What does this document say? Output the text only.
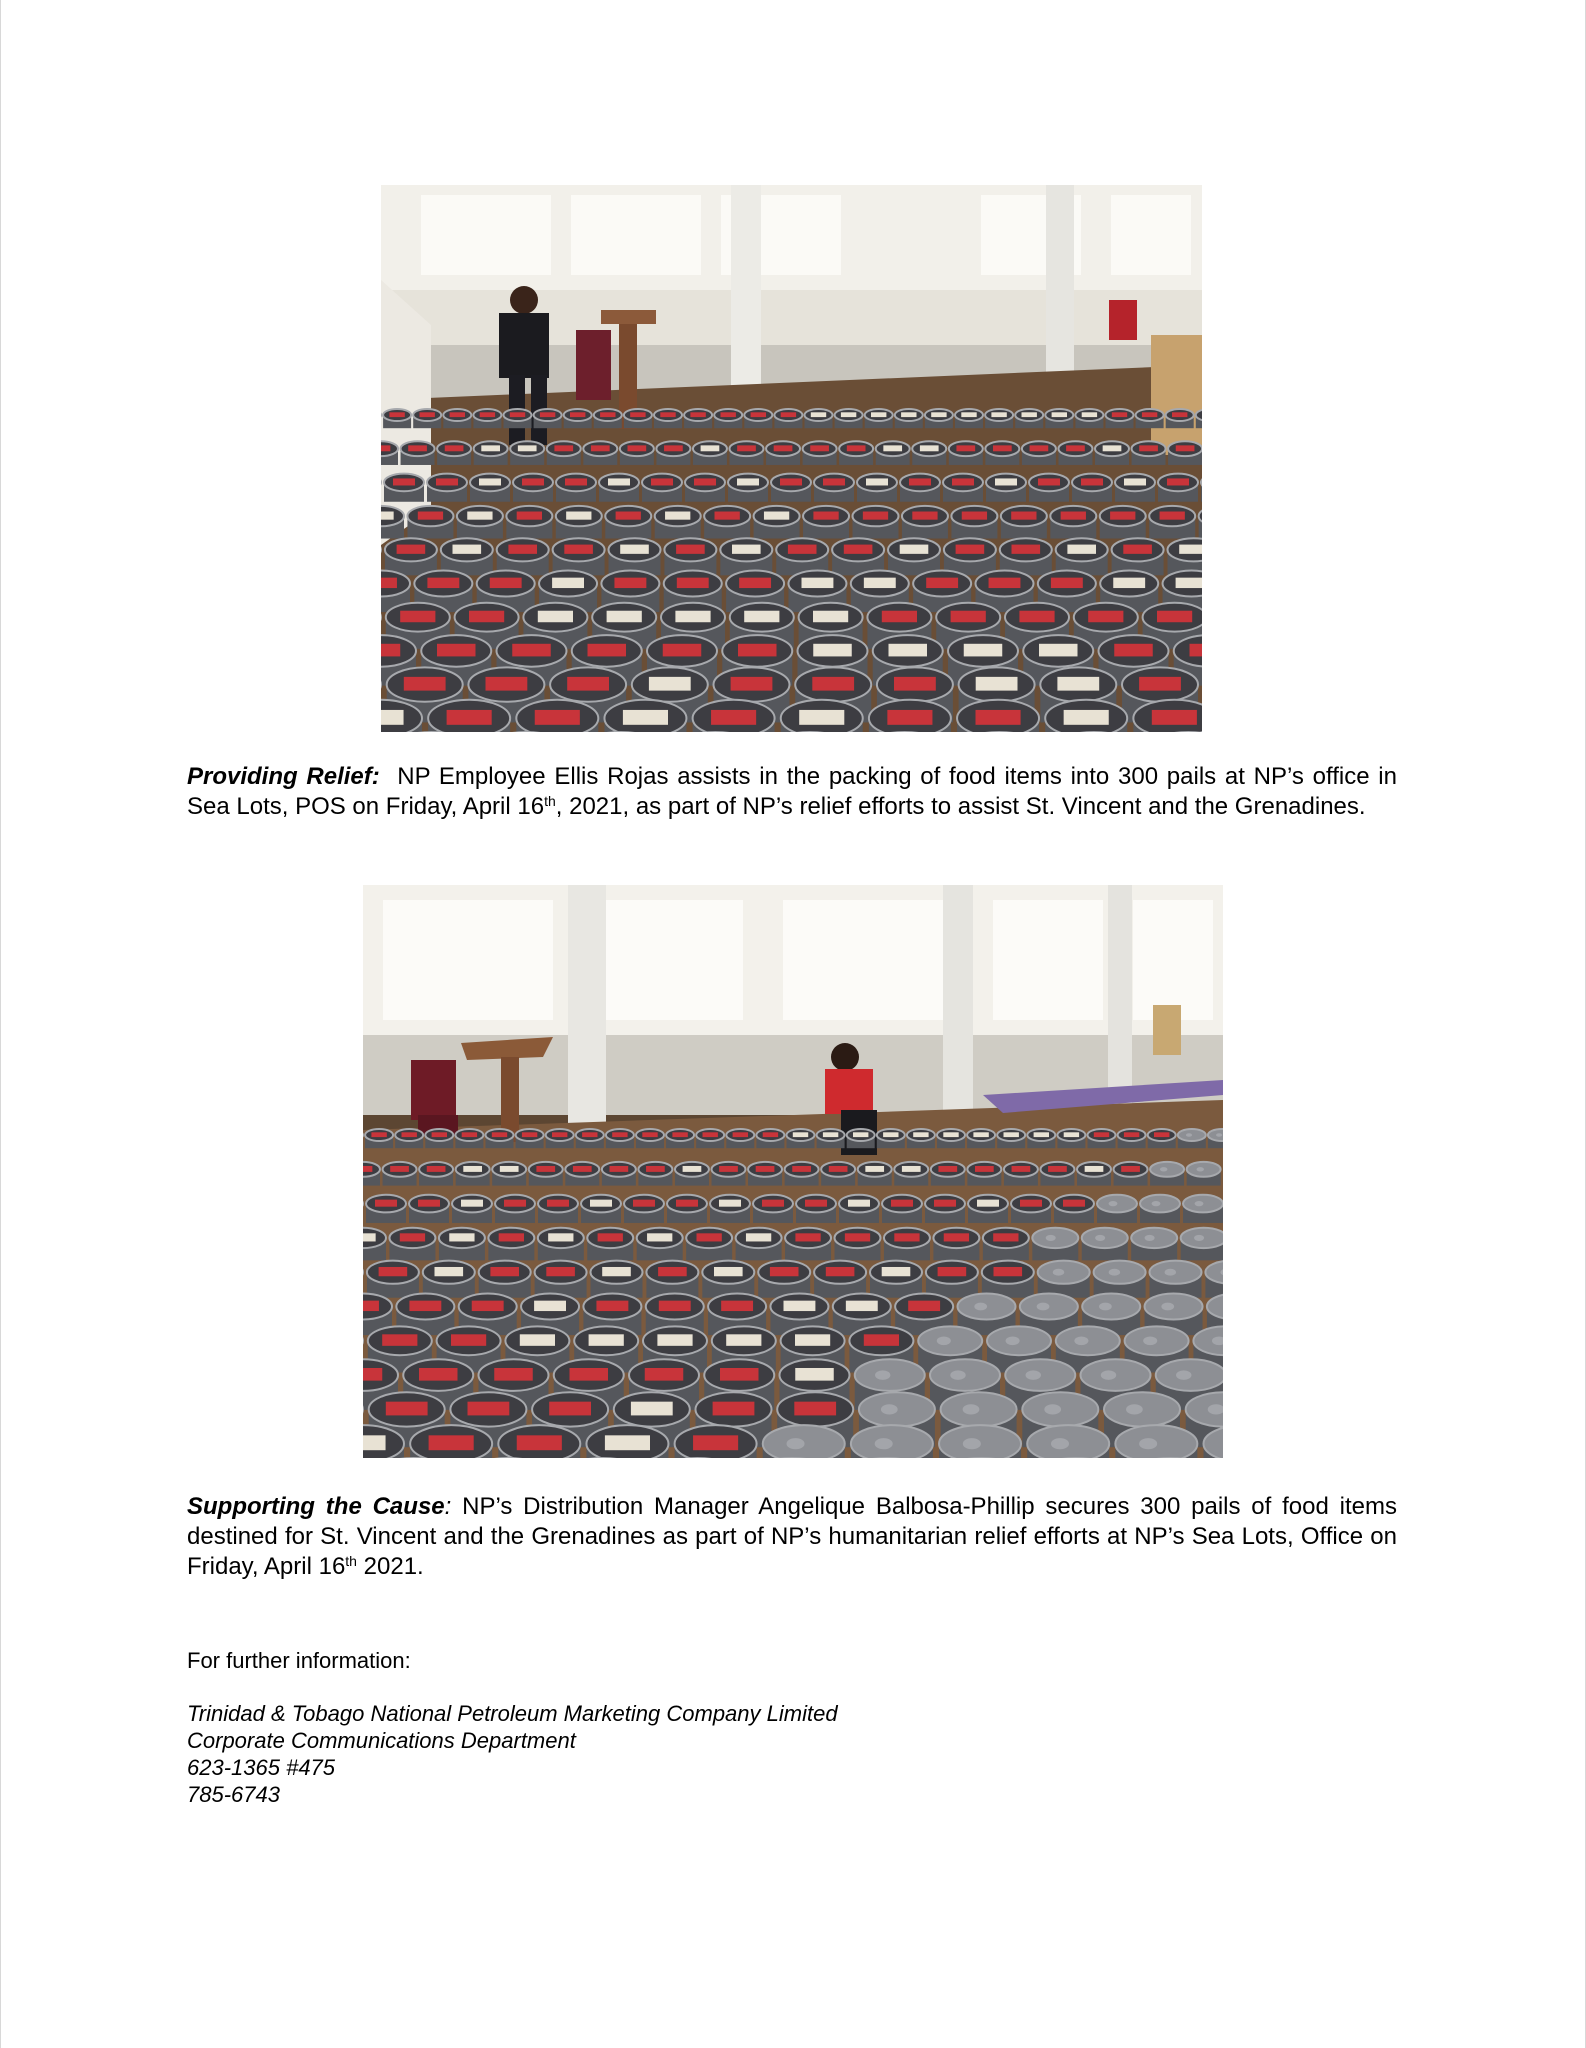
Providing Relief: NP Employee Ellis Rojas assists in the packing of food items into 300 pails at NP’s office in Sea Lots, POS on Friday, April 16th, 2021, as part of NP’s relief efforts to assist St. Vincent and the Grenadines.
Supporting the Cause: NP’s Distribution Manager Angelique Balbosa-Phillip secures 300 pails of food items destined for St. Vincent and the Grenadines as part of NP’s humanitarian relief efforts at NP’s Sea Lots, Office on Friday, April 16th 2021.

For further information:

Trinidad & Tobago National Petroleum Marketing Company Limited
Corporate Communications Department
623-1365 #475
785-6743
